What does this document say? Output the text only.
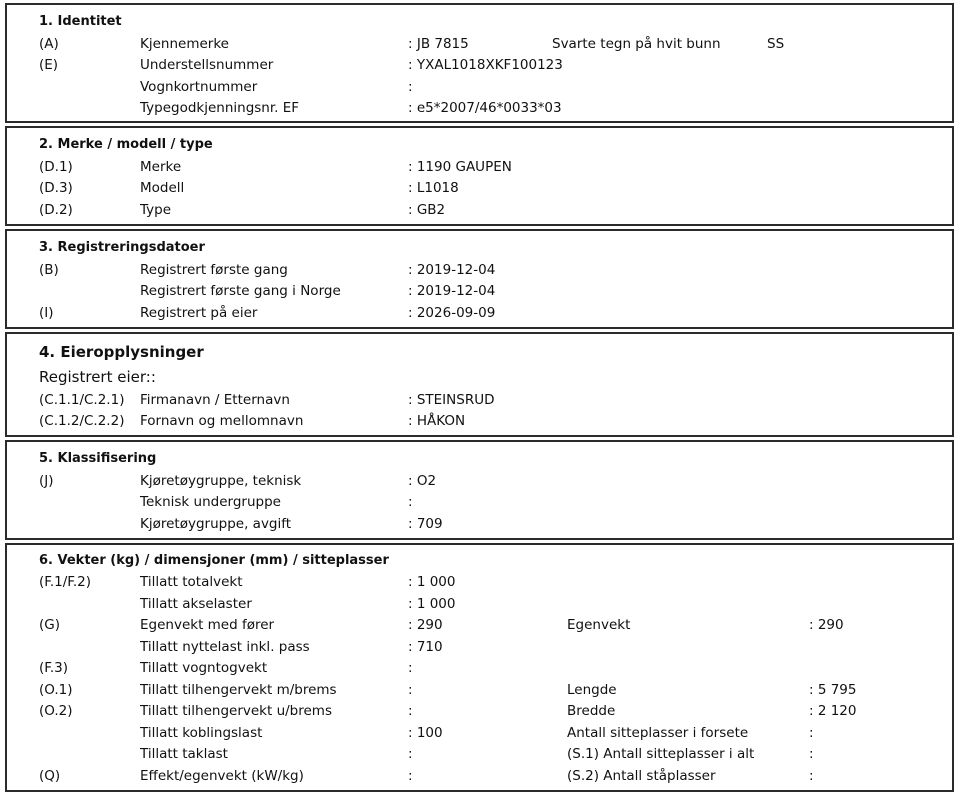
1. Identitet
(A)	Kjennemerke	: JB 7815	Svarte tegn på hvit bunn	SS
(E)	Understellsnummer	: YXAL1018XKF100123
Vognkortnummer	:
Typegodkjenningsnr. EF	: e5*2007/46*0033*03
2. Merke / modell / type
(D.1)	Merke	: 1190 GAUPEN
(D.3)	Modell	: L1018
(D.2)	Type	: GB2
3. Registreringsdatoer
(B)	Registrert første gang	: 2019-12-04
Registrert første gang i Norge	: 2019-12-04
(I)	Registrert på eier	: 2026-09-09
4. Eieropplysninger
Registrert eier::
(C.1.1/C.2.1) Firmanavn / Etternavn	: STEINSRUD
(C.1.2/C.2.2) Fornavn og mellomnavn	: HÅKON
5. Klassifisering
(J)	Kjøretøygruppe, teknisk	: O2
Teknisk undergruppe	:
Kjøretøygruppe, avgift	: 709
6. Vekter (kg) / dimensjoner (mm) / sitteplasser
(F.1/F.2)	Tillatt totalvekt	: 1 000
Tillatt akselaster	: 1 000
(G)	Egenvekt med fører	: 290	Egenvekt	: 290
Tillatt nyttelast inkl. pass	: 710
(F.3)	Tillatt vogntogvekt	:
(O.1)	Tillatt tilhengervekt m/brems	:	Lengde	: 5 795
(O.2)	Tillatt tilhengervekt u/brems	:	Bredde	: 2 120
Tillatt koblingslast	: 100	Antall sitteplasser i forsete	:
Tillatt taklast	:	(S.1) Antall sitteplasser i alt	:
(Q)	Effekt/egenvekt (kW/kg)	:	(S.2) Antall ståplasser	:
